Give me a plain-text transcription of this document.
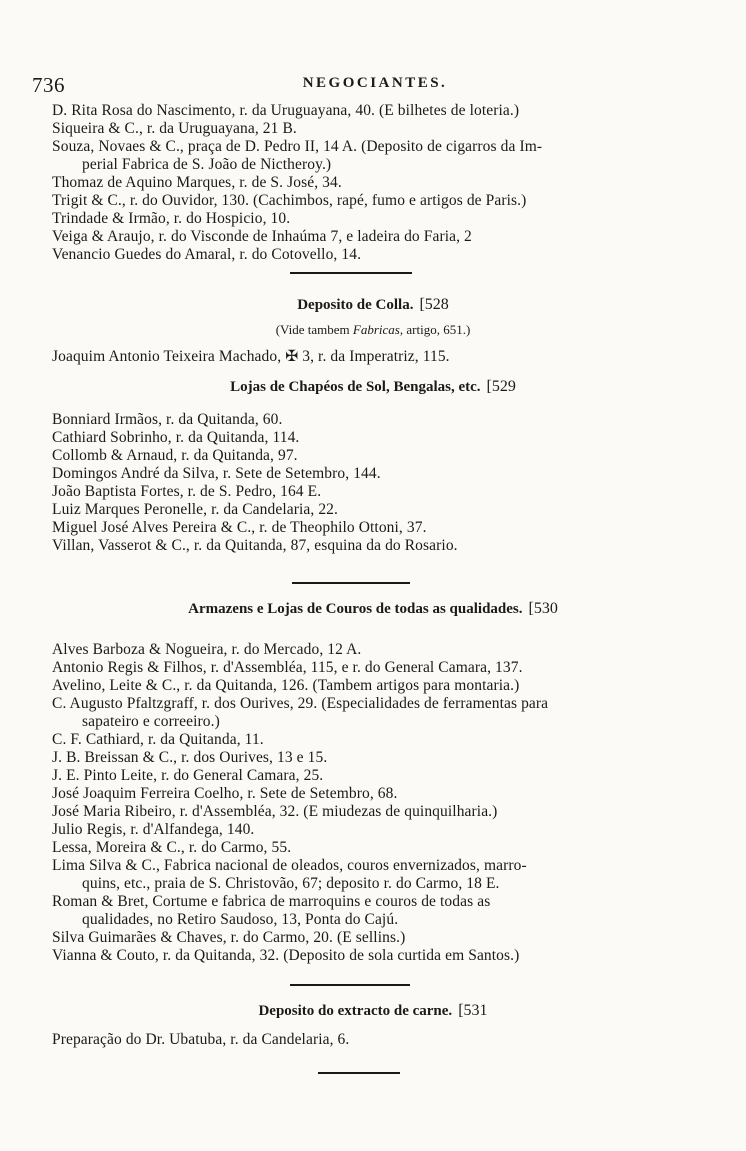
736	NEGOCIANTES.
D. Rita Rosa do Nascimento, r. da Uruguayana, 40. (E bilhetes de loteria.)
Siqueira & C., r. da Uruguayana, 21 B.
Souza, Novaes & C., praça de D. Pedro II, 14 A. (Deposito de cigarros da Im-
perial Fabrica de S. João de Nictheroy.)
Thomaz de Aquino Marques, r. de S. José, 34.
Trigit & C., r. do Ouvidor, 130. (Cachimbos, rapé, fumo e artigos de Paris.)
Trindade & Irmão, r. do Hospicio, 10.
Veiga & Araujo, r. do Visconde de Inhaúma 7, e ladeira do Faria, 2
Venancio Guedes do Amaral, r. do Cotovello, 14.
Deposito de Colla. [528
(Vide tambem Fabricas, artigo, 651.)
Joaquim Antonio Teixeira Machado, ✠ 3, r. da Imperatriz, 115.
Lojas de Chapéos de Sol, Bengalas, etc. [529
Bonniard Irmãos, r. da Quitanda, 60.
Cathiard Sobrinho, r. da Quitanda, 114.
Collomb & Arnaud, r. da Quitanda, 97.
Domingos André da Silva, r. Sete de Setembro, 144.
João Baptista Fortes, r. de S. Pedro, 164 E.
Luiz Marques Peronelle, r. da Candelaria, 22.
Miguel José Alves Pereira & C., r. de Theophilo Ottoni, 37.
Villan, Vasserot & C., r. da Quitanda, 87, esquina da do Rosario.
Armazens e Lojas de Couros de todas as qualidades. [530
Alves Barboza & Nogueira, r. do Mercado, 12 A.
Antonio Regis & Filhos, r. d'Assembléa, 115, e r. do General Camara, 137.
Avelino, Leite & C., r. da Quitanda, 126. (Tambem artigos para montaria.)
C. Augusto Pfaltzgraff, r. dos Ourives, 29. (Especialidades de ferramentas para
sapateiro e correeiro.)
C. F. Cathiard, r. da Quitanda, 11.
J. B. Breissan & C., r. dos Ourives, 13 e 15.
J. E. Pinto Leite, r. do General Camara, 25.
José Joaquim Ferreira Coelho, r. Sete de Setembro, 68.
José Maria Ribeiro, r. d'Assembléa, 32. (E miudezas de quinquilharia.)
Julio Regis, r. d'Alfandega, 140.
Lessa, Moreira & C., r. do Carmo, 55.
Lima Silva & C., Fabrica nacional de oleados, couros envernizados, marro-
quins, etc., praia de S. Christovão, 67; deposito r. do Carmo, 18 E.
Roman & Bret, Cortume e fabrica de marroquins e couros de todas as
qualidades, no Retiro Saudoso, 13, Ponta do Cajú.
Silva Guimarães & Chaves, r. do Carmo, 20. (E sellins.)
Vianna & Couto, r. da Quitanda, 32. (Deposito de sola curtida em Santos.)
Deposito do extracto de carne. [531
Preparação do Dr. Ubatuba, r. da Candelaria, 6.
